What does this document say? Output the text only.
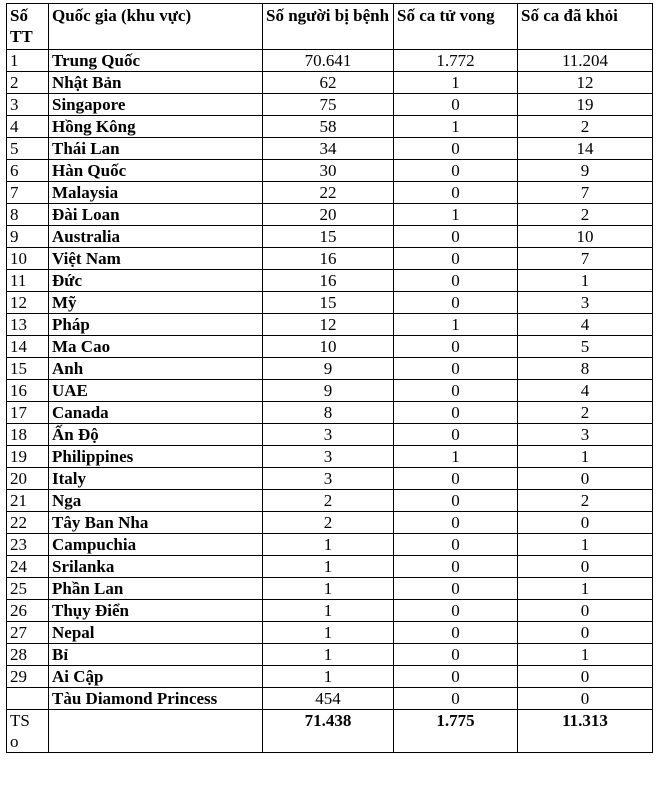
Số TT	Quốc gia (khu vực)	Số người bị bệnh	Số ca tử vong	Số ca đã khỏi
1	Trung Quốc	70.641	1.772	11.204
2	Nhật Bản	62	1	12
3	Singapore	75	0	19
4	Hồng Kông	58	1	2
5	Thái Lan	34	0	14
6	Hàn Quốc	30	0	9
7	Malaysia	22	0	7
8	Đài Loan	20	1	2
9	Australia	15	0	10
10	Việt Nam	16	0	7
11	Đức	16	0	1
12	Mỹ	15	0	3
13	Pháp	12	1	4
14	Ma Cao	10	0	5
15	Anh	9	0	8
16	UAE	9	0	4
17	Canada	8	0	2
18	Ấn Độ	3	0	3
19	Philippines	3	1	1
20	Italy	3	0	0
21	Nga	2	0	2
22	Tây Ban Nha	2	0	0
23	Campuchia	1	0	1
24	Srilanka	1	0	0
25	Phần Lan	1	0	1
26	Thụy Điển	1	0	0
27	Nepal	1	0	0
28	Bỉ	1	0	1
29	Ai Cập	1	0	0
	Tàu Diamond Princess	454	0	0
TSo		71.438	1.775	11.313
